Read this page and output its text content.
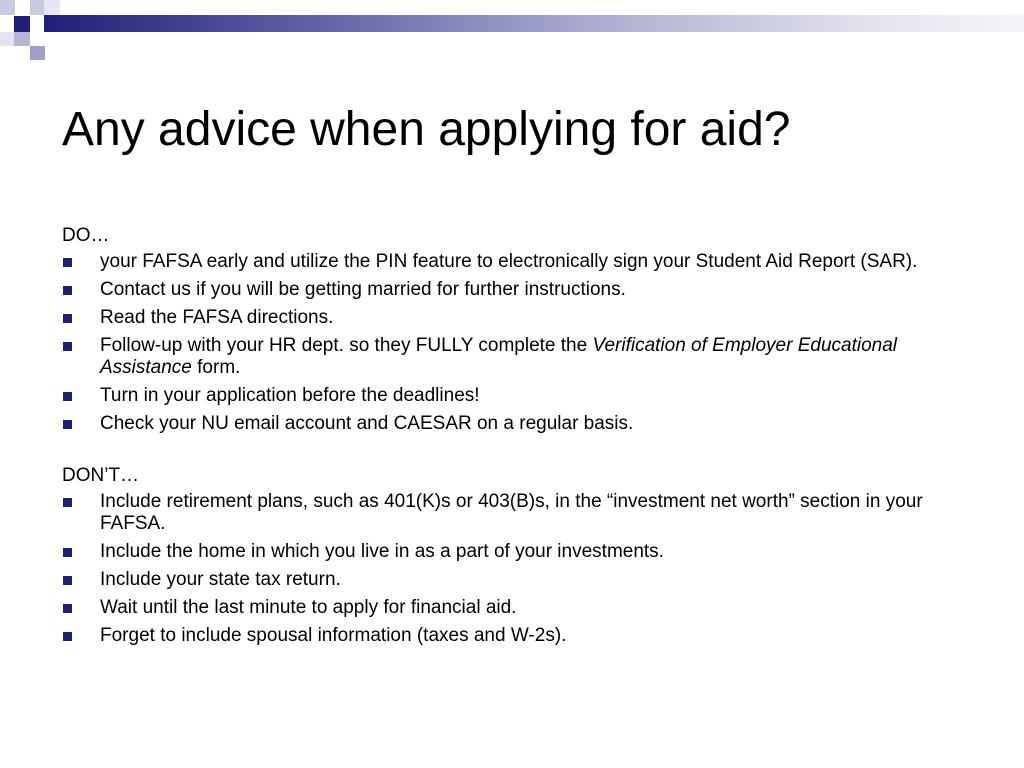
Any advice when applying for aid?
DO…
your FAFSA early and utilize the PIN feature to electronically sign your Student Aid Report (SAR).
Contact us if you will be getting married for further instructions.
Read the FAFSA directions.
Follow-up with your HR dept. so they FULLY complete the Verification of Employer Educational Assistance form.
Turn in your application before the deadlines!
Check your NU email account and CAESAR on a regular basis.
DON’T…
Include retirement plans, such as 401(K)s or 403(B)s, in the “investment net worth” section in your FAFSA.
Include the home in which you live in as a part of your investments.
Include your state tax return.
Wait until the last minute to apply for financial aid.
Forget to include spousal information (taxes and W-2s).
